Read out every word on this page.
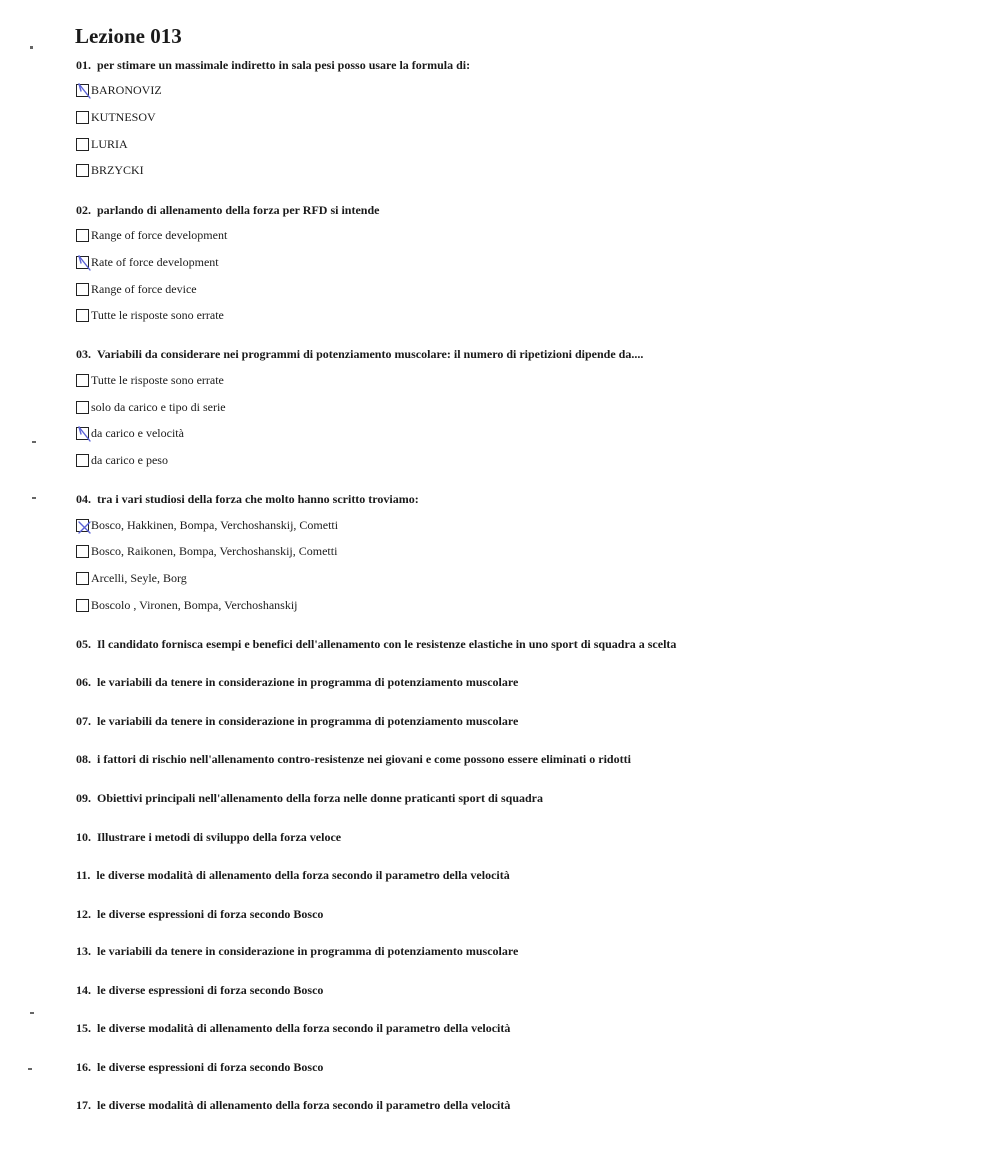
Lezione 013
01. per stimare un massimale indiretto in sala pesi posso usare la formula di:
BARONOVIZ
KUTNESOV
LURIA
BRZYCKI
02. parlando di allenamento della forza per RFD si intende
Range of force development
Rate of force development
Range of force device
Tutte le risposte sono errate
03. Variabili da considerare nei programmi di potenziamento muscolare: il numero di ripetizioni dipende da....
Tutte le risposte sono errate
solo da carico e tipo di serie
da carico e velocità
da carico e peso
04. tra i vari studiosi della forza che molto hanno scritto troviamo:
Bosco, Hakkinen, Bompa, Verchoshanskij, Cometti
Bosco, Raikonen, Bompa, Verchoshanskij, Cometti
Arcelli, Seyle, Borg
Boscolo , Vironen, Bompa, Verchoshanskij
05. Il candidato fornisca esempi e benefici dell'allenamento con le resistenze elastiche in uno sport di squadra a scelta
06. le variabili da tenere in considerazione in programma di potenziamento muscolare
07. le variabili da tenere in considerazione in programma di potenziamento muscolare
08. i fattori di rischio nell'allenamento contro-resistenze nei giovani e come possono essere eliminati o ridotti
09. Obiettivi principali nell'allenamento della forza nelle donne praticanti sport di squadra
10. Illustrare i metodi di sviluppo della forza veloce
11. le diverse modalità di allenamento della forza secondo il parametro della velocità
12. le diverse espressioni di forza secondo Bosco
13. le variabili da tenere in considerazione in programma di potenziamento muscolare
14. le diverse espressioni di forza secondo Bosco
15. le diverse modalità di allenamento della forza secondo il parametro della velocità
16. le diverse espressioni di forza secondo Bosco
17. le diverse modalità di allenamento della forza secondo il parametro della velocità
